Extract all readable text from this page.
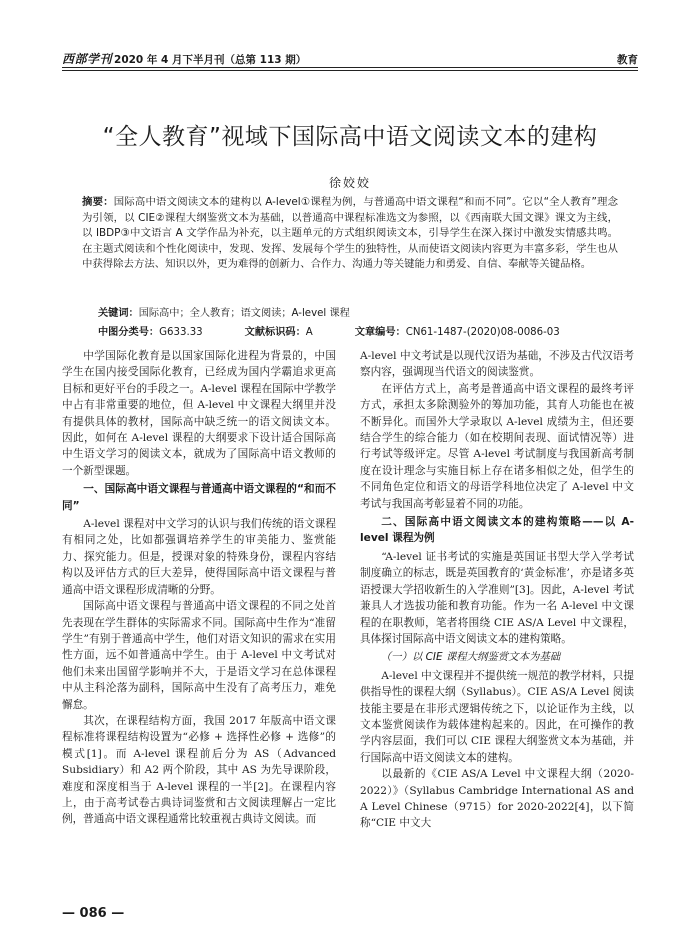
西部学刊 2020 年 4 月下半月刊（总第 113 期）	教育
“全人教育”视域下国际高中语文阅读文本的建构
徐姣姣
摘要：国际高中语文阅读文本的建构以 A-level①课程为例，与普通高中语文课程“和而不同”。它以“全人教育”理念为引领，以 CIE②课程大纲鉴赏文本为基础，以普通高中课程标准选文为参照，以《西南联大国文课》课文为主线，以 IBDP③中文语言 A 文学作品为补充，以主题单元的方式组织阅读文本，引导学生在深入探讨中激发实情感共鸣。在主题式阅读和个性化阅读中，发现、发挥、发展每个学生的独特性，从而使语文阅读内容更为丰富多彩，学生也从中获得除去方法、知识以外，更为难得的创新力、合作力、沟通力等关键能力和勇爱、自信、奉献等关键品格。
关键词：国际高中；全人教育；语文阅读；A-level 课程
中图分类号：G633.33	文献标识码：A	文章编号：CN61-1487-(2020)08-0086-03

中学国际化教育是以国家国际化进程为背景的，中国学生在国内接受国际化教育，已经成为国内学霸追求更高目标和更好平台的手段之一。A-level 课程在国际中学教学中占有非常重要的地位，但 A-level 中文课程大纲里并没有提供具体的教材，国际高中缺乏统一的语文阅读文本。因此，如何在 A-level 课程的大纲要求下设计适合国际高中生语文学习的阅读文本，就成为了国际高中语文教师的一个新型课题。

一、国际高中语文课程与普通高中语文课程的“和而不同”

A-level 课程对中文学习的认识与我们传统的语文课程有相同之处，比如都强调培养学生的审美能力、鉴赏能力、探究能力。但是，授课对象的特殊身份，课程内容结构以及评估方式的巨大差异，使得国际高中语文课程与普通高中语文课程形成清晰的分野。

国际高中语文课程与普通高中语文课程的不同之处首先表现在学生群体的实际需求不同。国际高中生作为“准留学生”有别于普通高中学生，他们对语文知识的需求在实用性方面，远不如普通高中学生。由于 A-level 中文考试对他们未来出国留学影响并不大，于是语文学习在总体课程中从主科沦落为副科，国际高中生没有了高考压力，难免懈怠。

其次，在课程结构方面，我国 2017 年版高中语文课程标准将课程结构设置为“必修 + 选择性必修 + 选修”的模式[1]。而 A-level 课程前后分为 AS（Advanced Subsidiary）和 A2 两个阶段，其中 AS 为先导课阶段，难度和深度相当于 A-level 课程的一半[2]。在课程内容上，由于高考试卷古典诗词鉴赏和古文阅读理解占一定比例，普通高中语文课程通常比较重视古典诗文阅读。而

A-level 中文考试是以现代汉语为基础，不涉及古代汉语考察内容，强调现当代语文的阅读鉴赏。

在评估方式上，高考是普通高中语文课程的最终考评方式，承担太多除测验外的筹加功能，其育人功能也在被不断异化。而国外大学录取以 A-level 成绩为主，但还要结合学生的综合能力（如在校期间表现、面试情况等）进行考试等级评定。尽管 A-level 考试制度与我国新高考制度在设计理念与实施目标上存在诸多相似之处，但学生的不同角色定位和语文的母语学科地位决定了 A-level 中文考试与我国高考彰显着不同的功能。

二、国际高中语文阅读文本的建构策略——以 A-level 课程为例

“A-level 证书考试的实施是英国证书型大学入学考试制度确立的标志，既是英国教育的‘黄金标准’，亦是诸多英语授课大学招收新生的入学准则”[3]。因此，A-level 考试兼具人才选拔功能和教育功能。作为一名 A-level 中文课程的在职教师，笔者将围绕 CIE AS/A Level 中文课程，具体探讨国际高中语文阅读文本的建构策略。

（一）以 CIE 课程大纲鉴赏文本为基础

A-level 中文课程并不提供统一规范的教学材料，只提供指导性的课程大纲（Syllabus）。CIE AS/A Level 阅读技能主要是在非形式逻辑传统之下，以论证作为主线，以文本鉴赏阅读作为载体建构起来的。因此，在可操作的教学内容层面，我们可以 CIE 课程大纲鉴赏文本为基础，并行国际高中语文阅读文本的建构。

以最新的《CIE AS/A Level 中文课程大纲（2020-2022）》（Syllabus Cambridge International AS and A Level Chinese（9715）for 2020-2022[4]，以下简称“CIE 中文大

— 086 —
